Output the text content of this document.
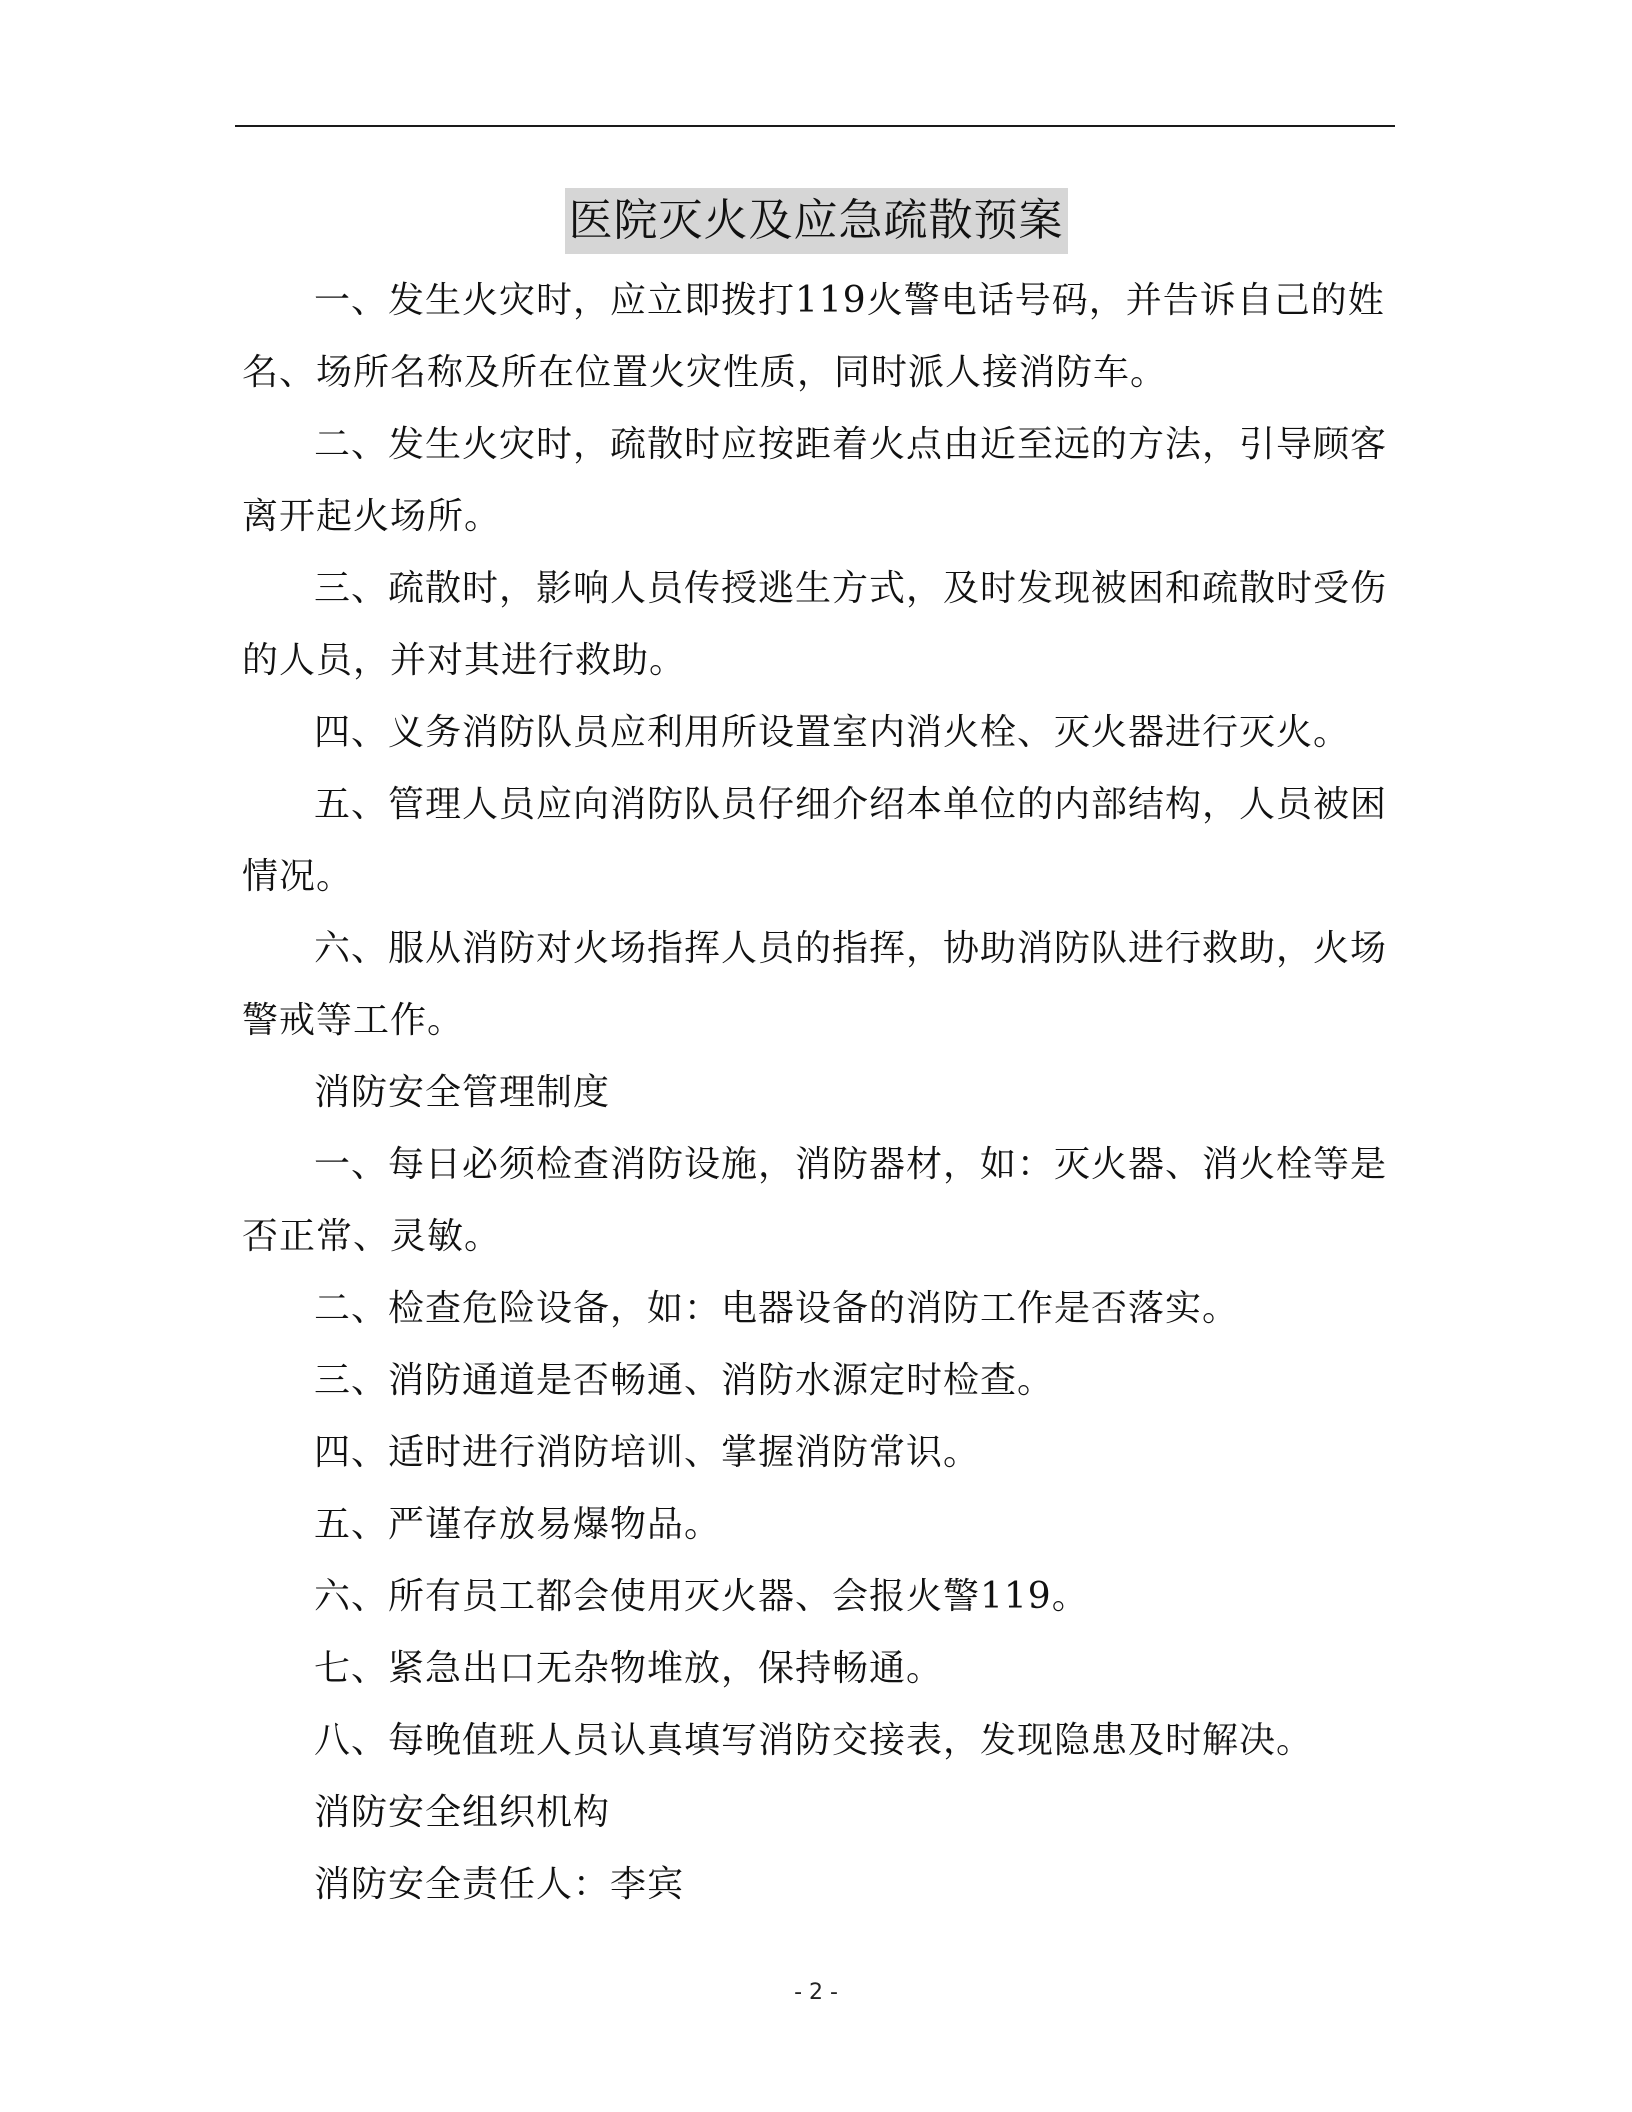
医院灭火及应急疏散预案

一、发生火灾时，应立即拨打119火警电话号码，并告诉自己的姓名、场所名称及所在位置火灾性质，同时派人接消防车。

二、发生火灾时，疏散时应按距着火点由近至远的方法，引导顾客离开起火场所。

三、疏散时，影响人员传授逃生方式，及时发现被困和疏散时受伤的人员，并对其进行救助。

四、义务消防队员应利用所设置室内消火栓、灭火器进行灭火。

五、管理人员应向消防队员仔细介绍本单位的内部结构，人员被困情况。

六、服从消防对火场指挥人员的指挥，协助消防队进行救助，火场警戒等工作。

消防安全管理制度

一、每日必须检查消防设施，消防器材，如：灭火器、消火栓等是否正常、灵敏。

二、检查危险设备，如：电器设备的消防工作是否落实。

三、消防通道是否畅通、消防水源定时检查。

四、适时进行消防培训、掌握消防常识。

五、严谨存放易爆物品。

六、所有员工都会使用灭火器、会报火警119。

七、紧急出口无杂物堆放，保持畅通。

八、每晚值班人员认真填写消防交接表，发现隐患及时解决。

消防安全组织机构

消防安全责任人：李宾

- 2 -
